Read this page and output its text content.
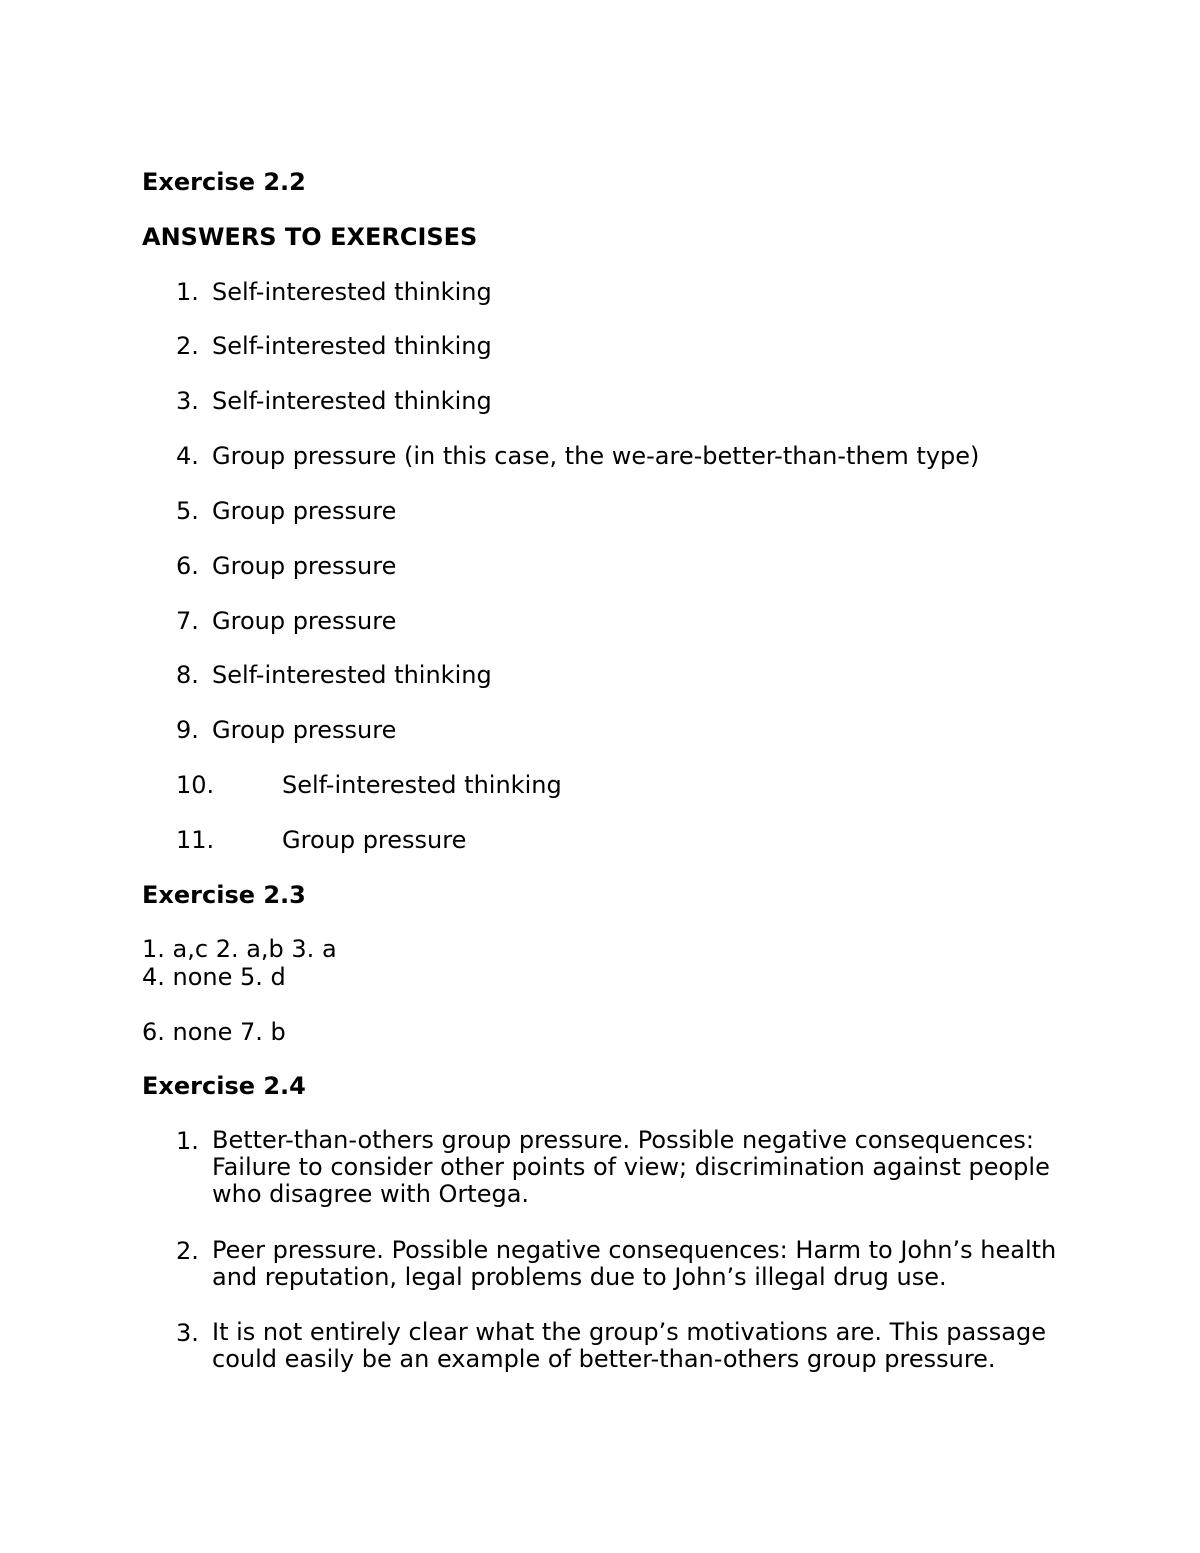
Exercise 2.2
ANSWERS TO EXERCISES
1. Self-interested thinking
2. Self-interested thinking
3. Self-interested thinking
4. Group pressure (in this case, the we-are-better-than-them type)
5. Group pressure
6. Group pressure
7. Group pressure
8. Self-interested thinking
9. Group pressure
10.	Self-interested thinking
11.	Group pressure
Exercise 2.3
1. a,c 2. a,b 3. a
4. none 5. d
6. none 7. b
Exercise 2.4
1. Better-than-others group pressure. Possible negative consequences: Failure to consider other points of view; discrimination against people who disagree with Ortega.
2. Peer pressure. Possible negative consequences: Harm to John’s health and reputation, legal problems due to John’s illegal drug use.
3. It is not entirely clear what the group’s motivations are. This passage could easily be an example of better-than-others group pressure.
